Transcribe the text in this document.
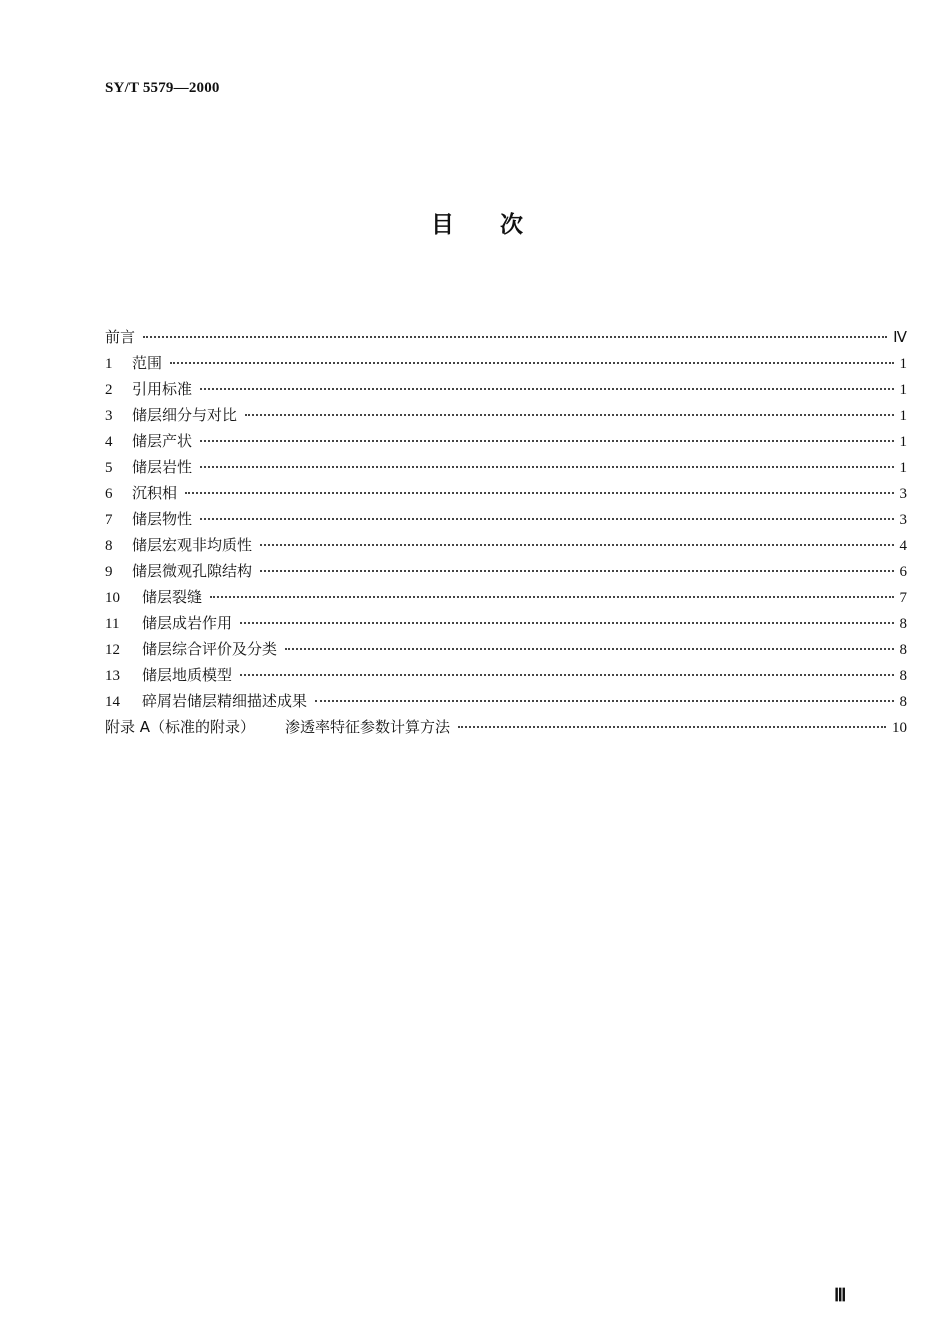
SY/T 5579—2000
目次
前言	Ⅳ
1	范围	1
2	引用标准	1
3	储层细分与对比	1
4	储层产状	1
5	储层岩性	1
6	沉积相	3
7	储层物性	3
8	储层宏观非均质性	4
9	储层微观孔隙结构	6
10	储层裂缝	7
11	储层成岩作用	8
12	储层综合评价及分类	8
13	储层地质模型	8
14	碎屑岩储层精细描述成果	8
附录 A（标准的附录） 渗透率特征参数计算方法	10
Ⅲ
